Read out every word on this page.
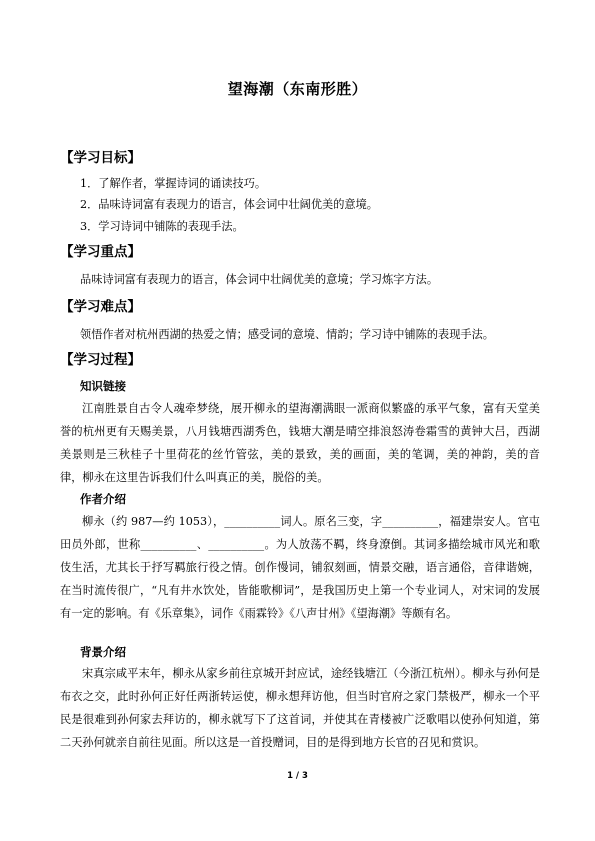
望海潮（东南形胜）
【学习目标】
1．了解作者，掌握诗词的诵读技巧。
2．品味诗词富有表现力的语言，体会词中壮阔优美的意境。
3．学习诗词中铺陈的表现手法。
【学习重点】
品味诗词富有表现力的语言，体会词中壮阔优美的意境；学习炼字方法。
【学习难点】
领悟作者对杭州西湖的热爱之情；感受词的意境、情韵；学习诗中铺陈的表现手法。
【学习过程】
知识链接

江南胜景自古令人魂牵梦绕，展开柳永的望海潮满眼一派商似繁盛的承平气象，富有天堂美誉的杭州更有天赐美景，八月钱塘西湖秀色，钱塘大潮是晴空排浪怒涛卷霜雪的黄钟大吕，西湖美景则是三秋桂子十里荷花的丝竹管弦，美的景致，美的画面，美的笔调，美的神韵，美的音律，柳永在这里告诉我们什么叫真正的美，脱俗的美。

作者介绍

柳永（约 987—约 1053），__________词人。原名三变，字__________，福建崇安人。官屯田员外郎，世称__________、__________。为人放荡不羁，终身潦倒。其词多描绘城市风光和歌伎生活，尤其长于抒写羁旅行役之情。创作慢词，铺叙刻画，情景交融，语言通俗，音律谐婉，在当时流传很广，“凡有井水饮处，皆能歌柳词”，是我国历史上第一个专业词人，对宋词的发展有一定的影响。有《乐章集》，词作《雨霖铃》《八声甘州》《望海潮》等颇有名。

背景介绍

宋真宗咸平末年，柳永从家乡前往京城开封应试，途经钱塘江（今浙江杭州）。柳永与孙何是布衣之交，此时孙何正好任两浙转运使，柳永想拜访他，但当时官府之家门禁极严，柳永一个平民是很难到孙何家去拜访的，柳永就写下了这首词，并使其在青楼被广泛歌唱以使孙何知道，第二天孙何就亲自前往见面。所以这是一首投赠词，目的是得到地方长官的召见和赏识。

1 / 3
